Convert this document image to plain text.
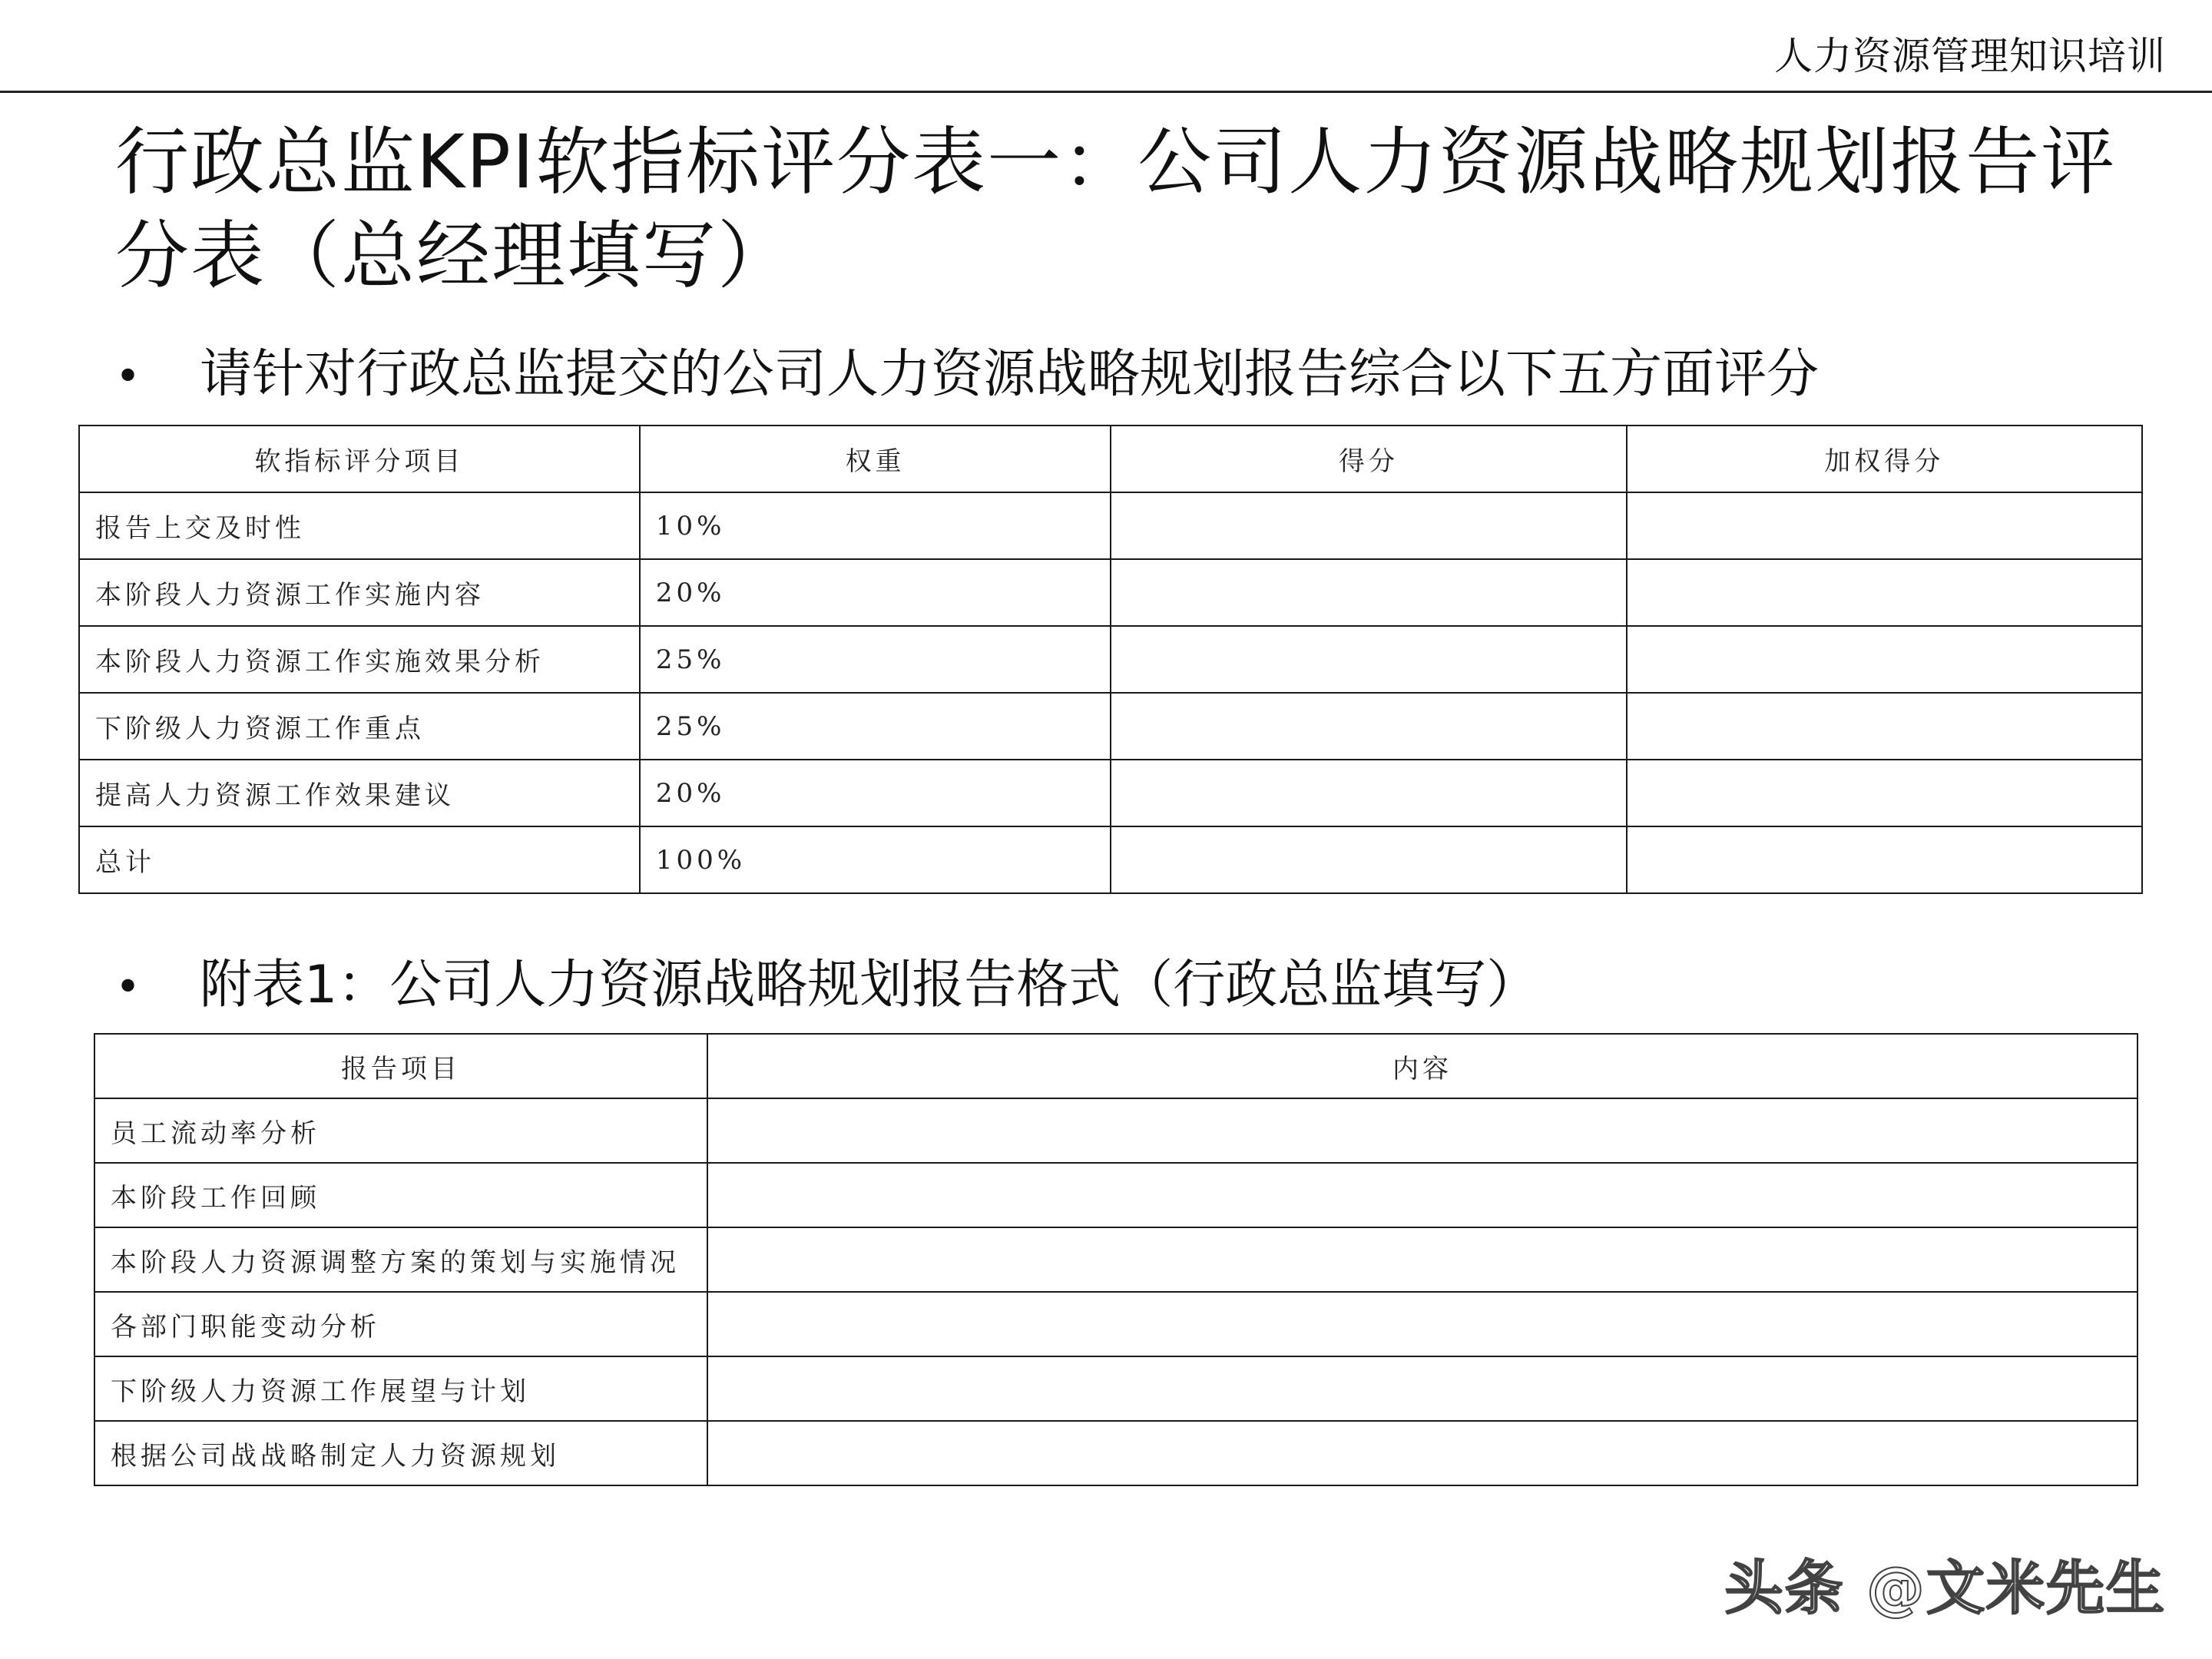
人力资源管理知识培训
行政总监KPI软指标评分表一：公司人力资源战略规划报告评分表（总经理填写）
• 请针对行政总监提交的公司人力资源战略规划报告综合以下五方面评分
软指标评分项目	权重	得分	加权得分
报告上交及时性	10%		
本阶段人力资源工作实施内容	20%		
本阶段人力资源工作实施效果分析	25%		
下阶级人力资源工作重点	25%		
提高人力资源工作效果建议	20%		
总计	100%		
• 附表1：公司人力资源战略规划报告格式（行政总监填写）
报告项目	内容
员工流动率分析	
本阶段工作回顾	
本阶段人力资源调整方案的策划与实施情况	
各部门职能变动分析	
下阶级人力资源工作展望与计划	
根据公司战战略制定人力资源规划	
头条 @文米先生
